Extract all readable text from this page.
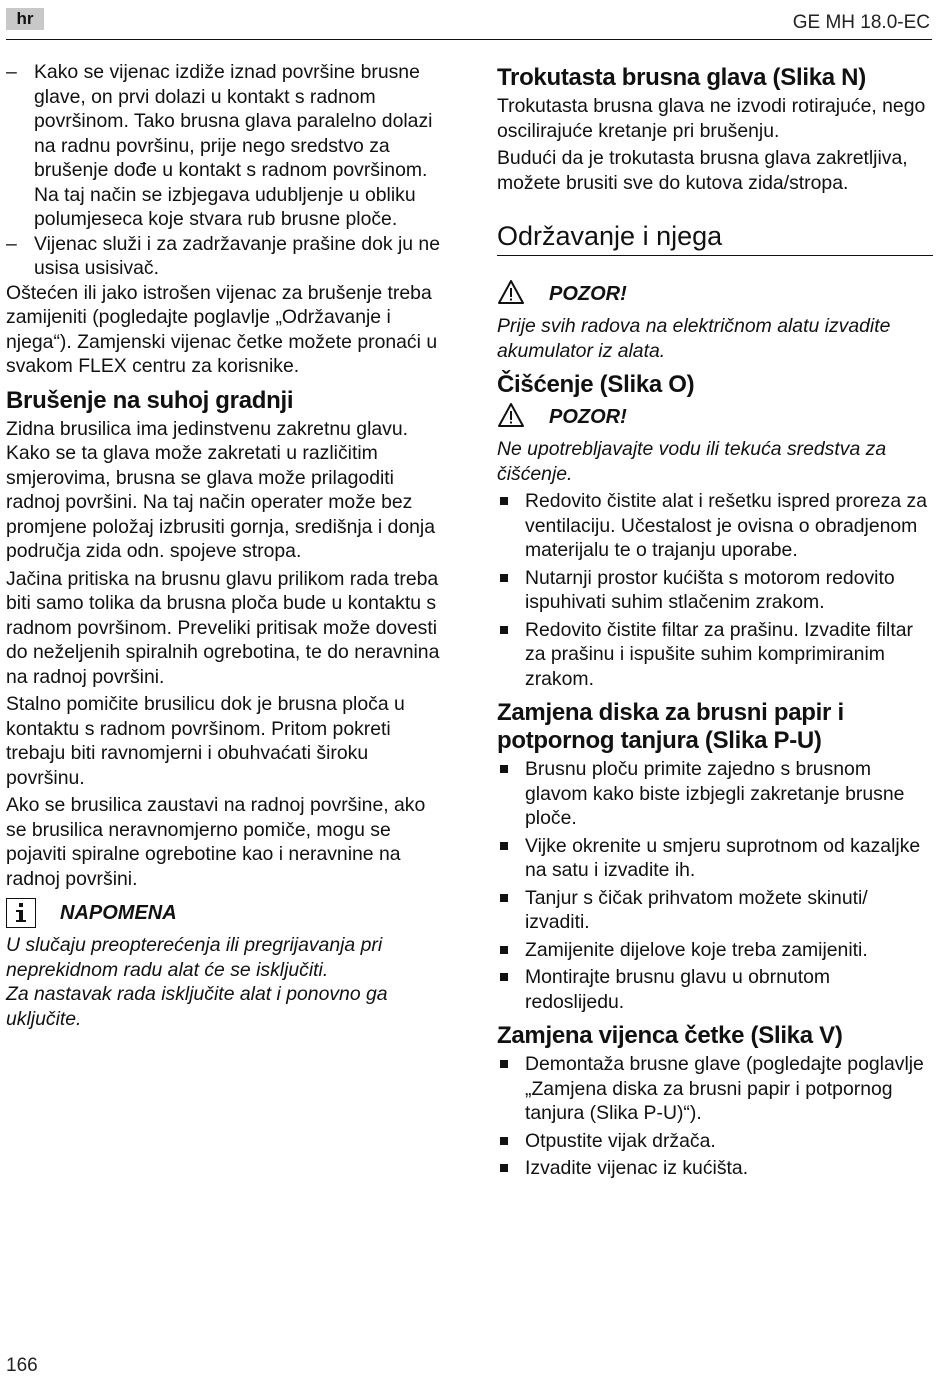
hr	GE MH 18.0-EC
– Kako se vijenac izdiže iznad površine brusne glave, on prvi dolazi u kontakt s radnom površinom. Tako brusna glava paralelno dolazi na radnu površinu, prije nego sredstvo za brušenje dođe u kontakt s radnom površinom. Na taj način se izbjegava udubljenje u obliku polumjeseca koje stvara rub brusne ploče.
– Vijenac služi i za zadržavanje prašine dok ju ne usisa usisivač.

Oštećen ili jako istrošen vijenac za brušenje treba zamijeniti (pogledajte poglavlje „Održavanje i njega“). Zamjenski vijenac četke možete pronaći u svakom FLEX centru za korisnike.

Brušenje na suhoj gradnji

Zidna brusilica ima jedinstvenu zakretnu glavu. Kako se ta glava može zakretati u različitim smjerovima, brusna se glava može prilagoditi radnoj površini. Na taj način operater može bez promjene položaj izbrusiti gornja, središnja i donja područja zida odn. spojeve stropa.

Jačina pritiska na brusnu glavu prilikom rada treba biti samo tolika da brusna ploča bude u kontaktu s radnom površinom. Preveliki pritisak može dovesti do neželjenih spiralnih ogrebotina, te do neravnina na radnoj površini.

Stalno pomičite brusilicu dok je brusna ploča u kontaktu s radnom površinom. Pritom pokreti trebaju biti ravnomjerni i obuhvaćati široku površinu.

Ako se brusilica zaustavi na radnoj površine, ako se brusilica neravnomjerno pomiče, mogu se pojaviti spiralne ogrebotine kao i neravnine na radnoj površini.

NAPOMENA

U slučaju preopterećenja ili pregrijavanja pri neprekidnom radu alat će se isključiti.

Za nastavak rada isključite alat i ponovno ga uključite.

Trokutasta brusna glava (Slika N)

Trokutasta brusna glava ne izvodi rotirajuće, nego oscilirajuće kretanje pri brušenju.

Budući da je trokutasta brusna glava zakretljiva, možete brusiti sve do kutova zida/stropa.

Održavanje i njega
POZOR!

Prije svih radova na električnom alatu izvadite akumulator iz alata.

Čišćenje (Slika O)
POZOR!

Ne upotrebljavajte vodu ili tekuća sredstva za čišćenje.

Redovito čistite alat i rešetku ispred proreza za ventilaciju. Učestalost je ovisna o obradjenom materijalu te o trajanju uporabe.
Nutarnji prostor kućišta s motorom redovito ispuhivati suhim stlačenim zrakom.
Redovito čistite filtar za prašinu. Izvadite filtar za prašinu i ispušite suhim komprimiranim zrakom.
Zamjena diska za brusni papir i potpornog tanjura (Slika P-U)
Brusnu ploču primite zajedno s brusnom glavom kako biste izbjegli zakretanje brusne ploče.
Vijke okrenite u smjeru suprotnom od kazaljke na satu i izvadite ih.
Tanjur s čičak prihvatom možete skinuti/ izvaditi.
Zamijenite dijelove koje treba zamijeniti.
Montirajte brusnu glavu u obrnutom redoslijedu.
Zamjena vijenca četke (Slika V)
Demontaža brusne glave (pogledajte poglavlje „Zamjena diska za brusni papir i potpornog tanjura (Slika P-U)“).
Otpustite vijak držača.
Izvadite vijenac iz kućišta.
166
